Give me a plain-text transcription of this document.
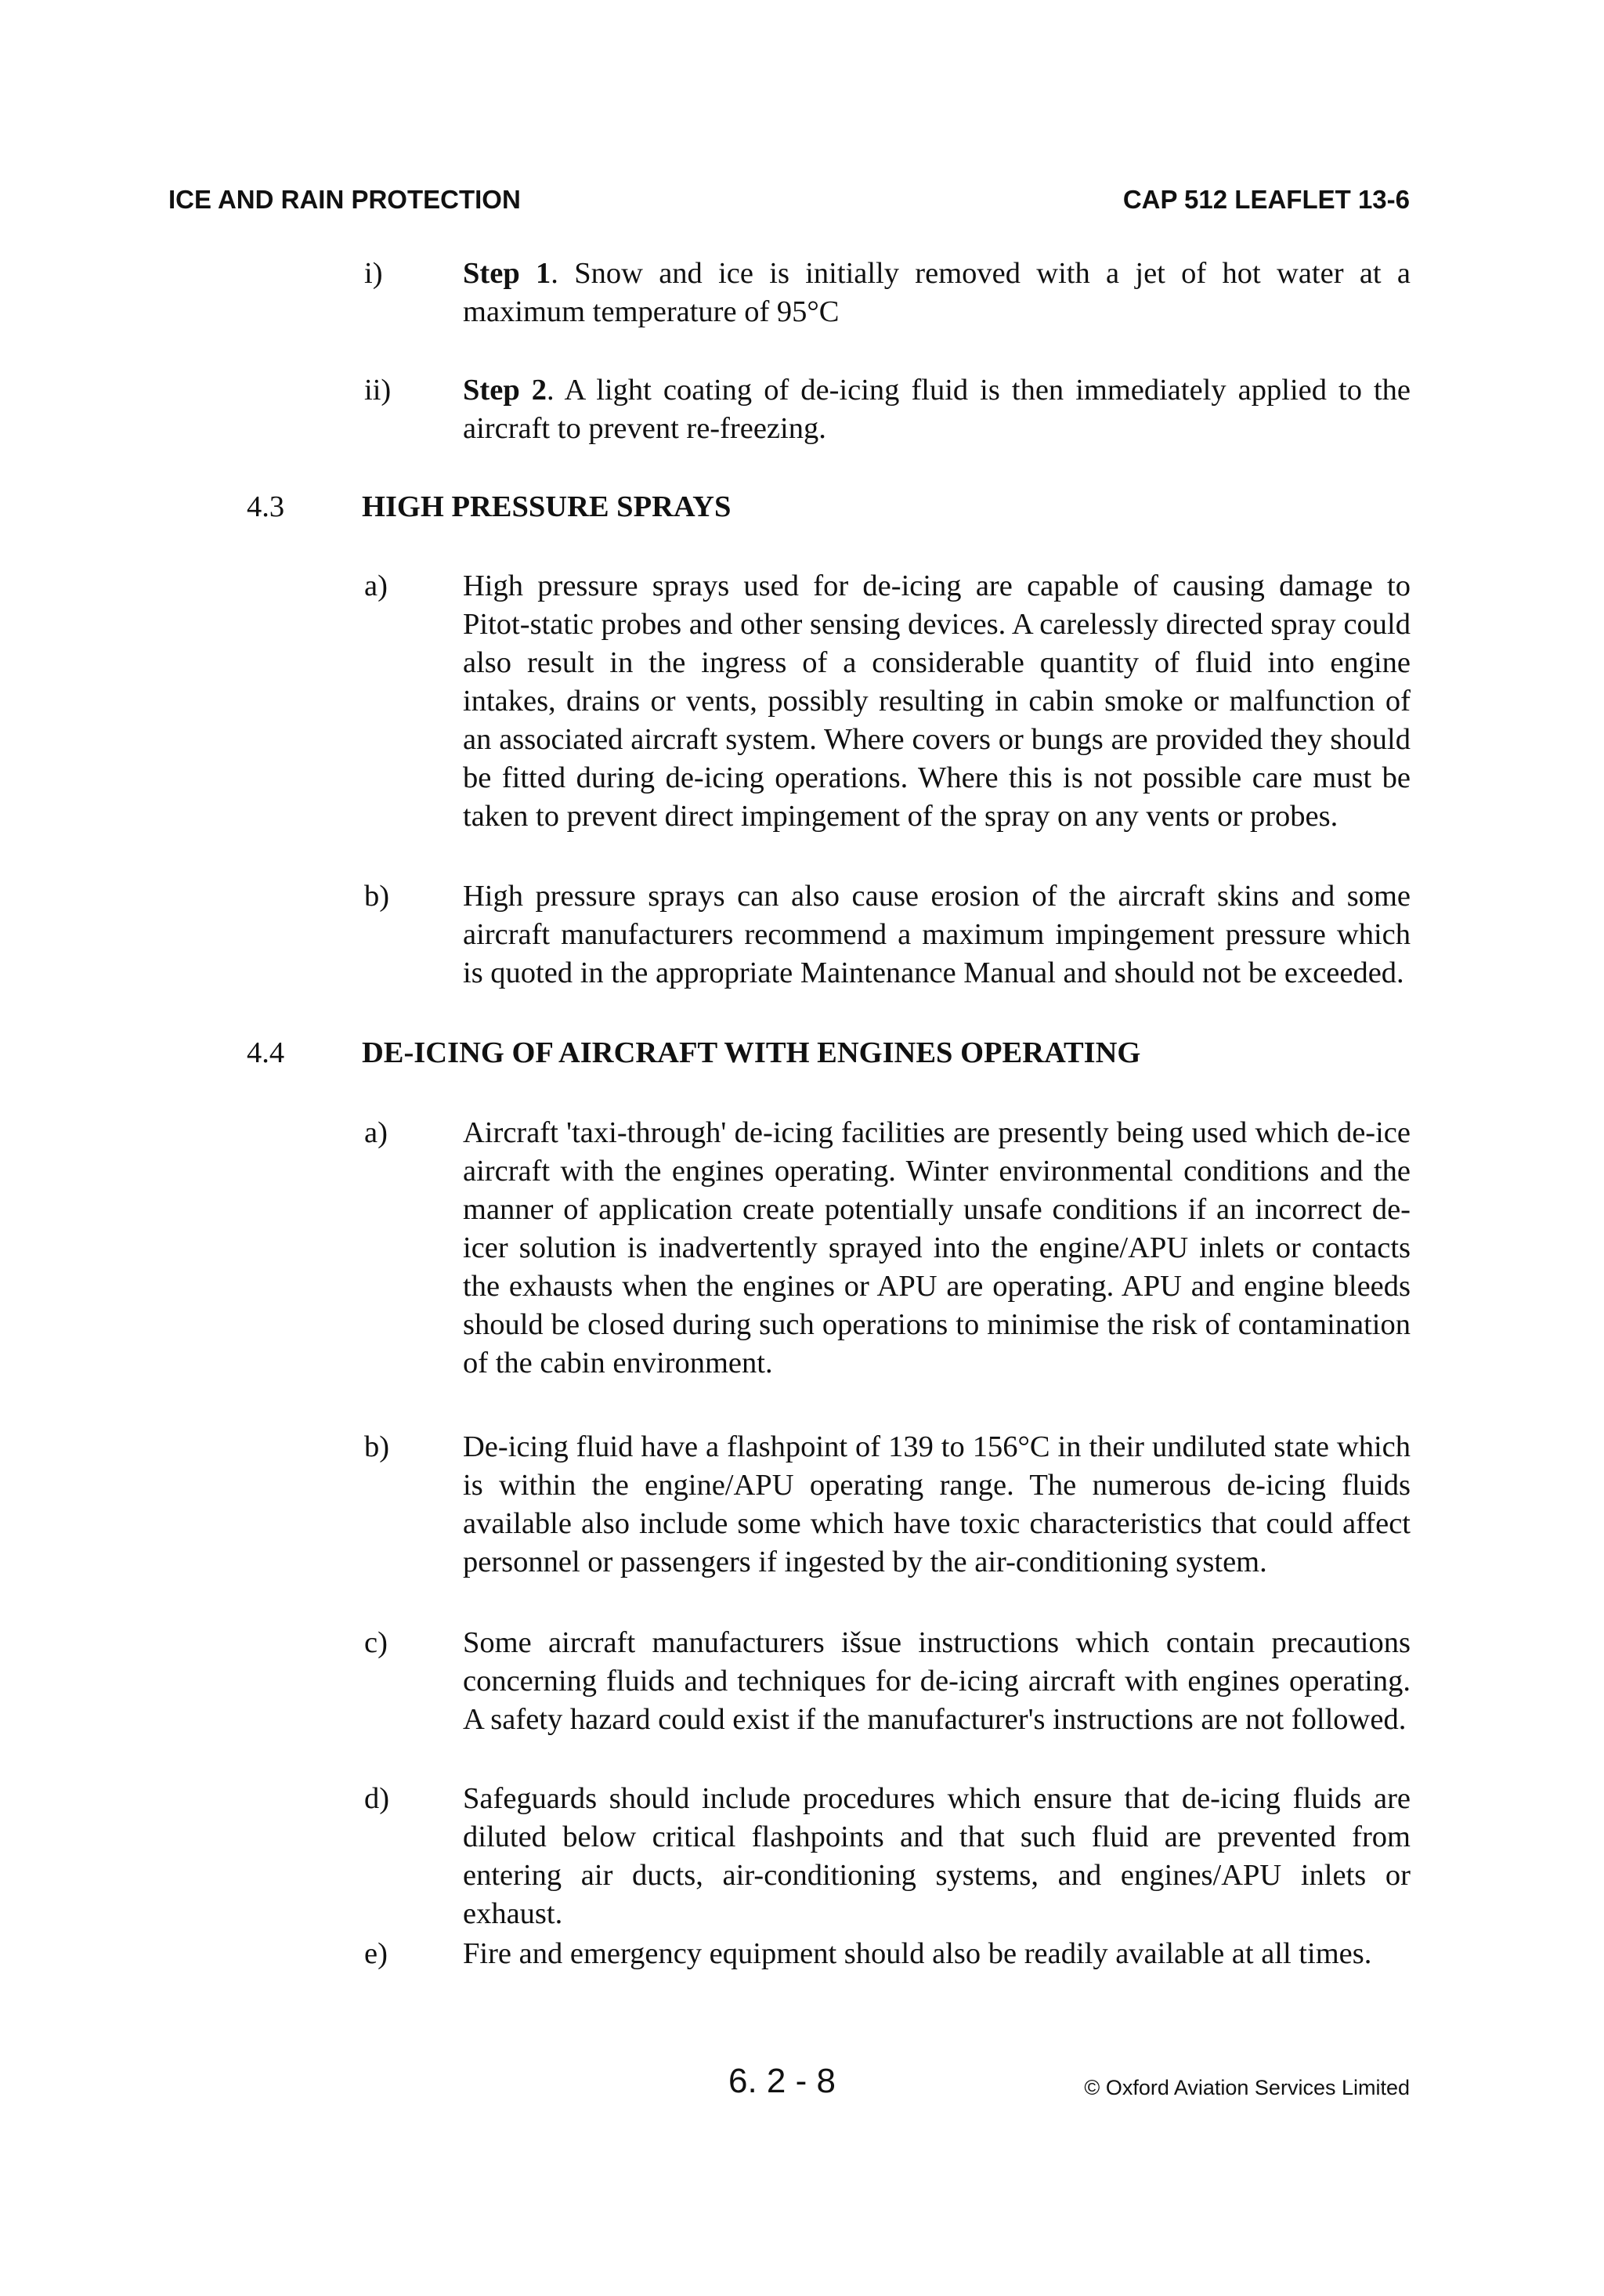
ICE AND RAIN PROTECTION	CAP 512 LEAFLET 13-6
i)	Step 1. Snow and ice is initially removed with a jet of hot water at a maximum temperature of 95°C
ii) Step 2. A light coating of de-icing fluid is then immediately applied to the aircraft to prevent re-freezing.
4.3	HIGH PRESSURE SPRAYS
a) High pressure sprays used for de-icing are capable of causing damage to Pitot-static probes and other sensing devices. A carelessly directed spray could also result in the ingress of a considerable quantity of fluid into engine intakes, drains or vents, possibly resulting in cabin smoke or malfunction of an associated aircraft system. Where covers or bungs are provided they should be fitted during de-icing operations. Where this is not possible care must be taken to prevent direct impingement of the spray on any vents or probes.
b) High pressure sprays can also cause erosion of the aircraft skins and some aircraft manufacturers recommend a maximum impingement pressure which is quoted in the appropriate Maintenance Manual and should not be exceeded.
4.4	DE-ICING OF AIRCRAFT WITH ENGINES OPERATING
a) Aircraft 'taxi-through' de-icing facilities are presently being used which de-ice aircraft with the engines operating. Winter environmental conditions and the manner of application create potentially unsafe conditions if an incorrect de-icer solution is inadvertently sprayed into the engine/APU inlets or contacts the exhausts when the engines or APU are operating. APU and engine bleeds should be closed during such operations to minimise the risk of contamination of the cabin environment.
b) De-icing fluid have a flashpoint of 139 to 156°C in their undiluted state which is within the engine/APU operating range. The numerous de-icing fluids available also include some which have toxic characteristics that could affect personnel or passengers if ingested by the air-conditioning system.
c) Some aircraft manufacturers išsue instructions which contain precautions concerning fluids and techniques for de-icing aircraft with engines operating. A safety hazard could exist if the manufacturer's instructions are not followed.
d) Safeguards should include procedures which ensure that de-icing fluids are diluted below critical flashpoints and that such fluid are prevented from entering air ducts, air-conditioning systems, and engines/APU inlets or exhaust.
e) Fire and emergency equipment should also be readily available at all times.
6. 2 - 8	© Oxford Aviation Services Limited
